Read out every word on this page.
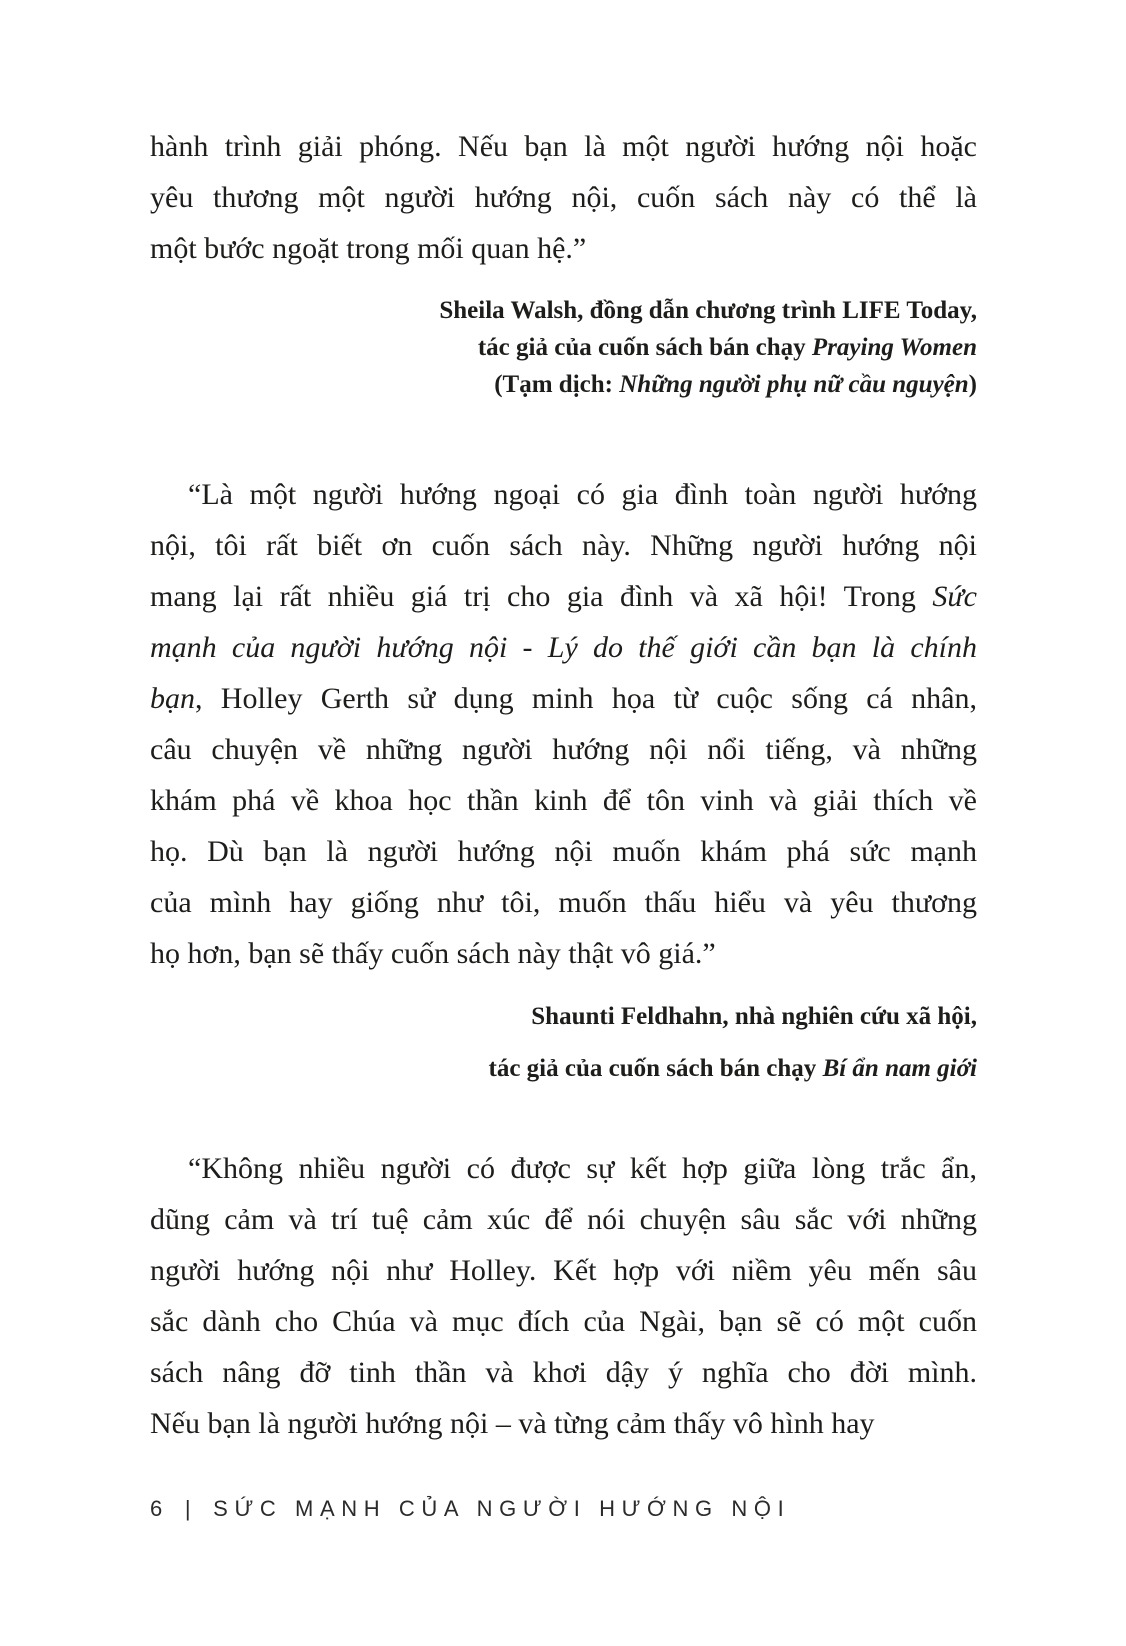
hành trình giải phóng. Nếu bạn là một người hướng nội hoặc
yêu thương một người hướng nội, cuốn sách này có thể là
một bước ngoặt trong mối quan hệ.”
Sheila Walsh, đồng dẫn chương trình LIFE Today,
tác giả của cuốn sách bán chạy Praying Women
(Tạm dịch: Những người phụ nữ cầu nguyện)
“Là một người hướng ngoại có gia đình toàn người hướng
nội, tôi rất biết ơn cuốn sách này. Những người hướng nội
mang lại rất nhiều giá trị cho gia đình và xã hội! Trong Sức
mạnh của người hướng nội - Lý do thế giới cần bạn là chính
bạn, Holley Gerth sử dụng minh họa từ cuộc sống cá nhân,
câu chuyện về những người hướng nội nổi tiếng, và những
khám phá về khoa học thần kinh để tôn vinh và giải thích về
họ. Dù bạn là người hướng nội muốn khám phá sức mạnh
của mình hay giống như tôi, muốn thấu hiểu và yêu thương
họ hơn, bạn sẽ thấy cuốn sách này thật vô giá.”
Shaunti Feldhahn, nhà nghiên cứu xã hội,
tác giả của cuốn sách bán chạy Bí ẩn nam giới
“Không nhiều người có được sự kết hợp giữa lòng trắc ẩn,
dũng cảm và trí tuệ cảm xúc để nói chuyện sâu sắc với những
người hướng nội như Holley. Kết hợp với niềm yêu mến sâu
sắc dành cho Chúa và mục đích của Ngài, bạn sẽ có một cuốn
sách nâng đỡ tinh thần và khơi dậy ý nghĩa cho đời mình.
Nếu bạn là người hướng nội – và từng cảm thấy vô hình hay
6 | SỨC MẠNH CỦA NGƯỜI HƯỚNG NỘI
